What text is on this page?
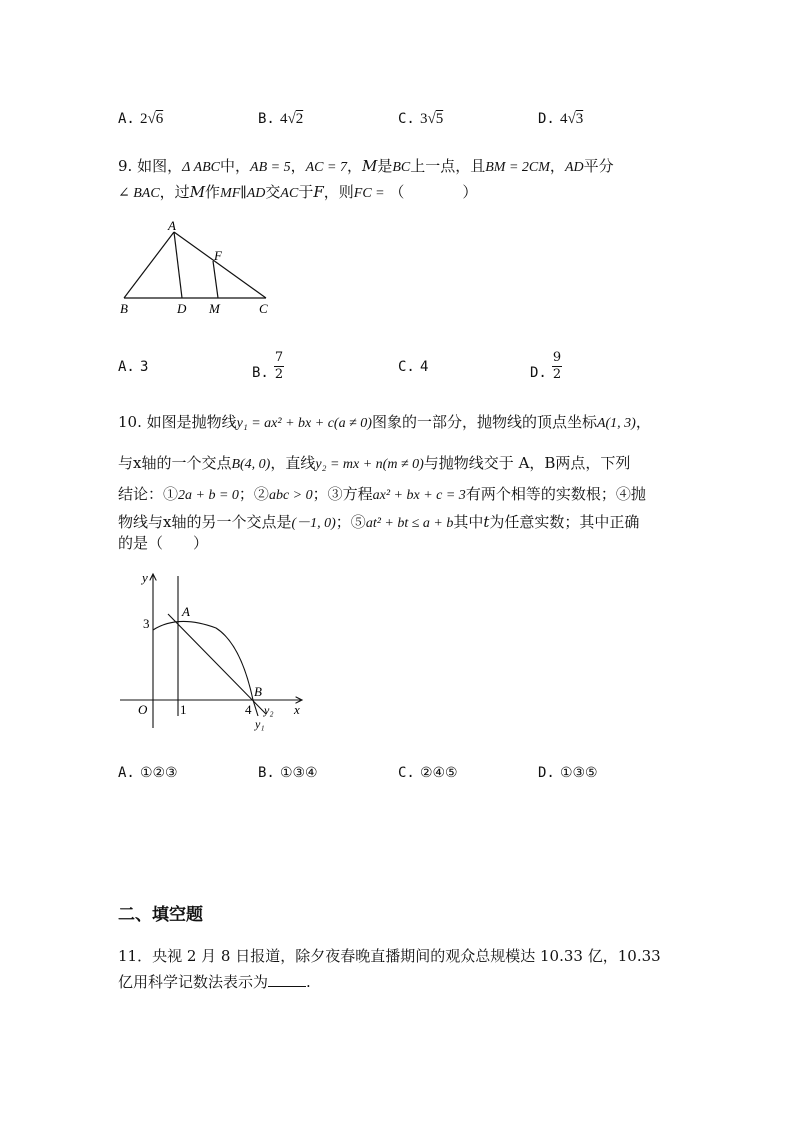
A. 2√6	B. 4√2	C. 3√5	D. 4√3
9. 如图，Δ ABC中，AB = 5，AC = 7，M是BC上一点，且BM = 2CM，AD平分
∠ BAC，过M作MF∥AD交AC于F，则FC = （	）
A
F
B	D M	C
A. 3	B. $\frac{7}{2}$	C. 4	D. $\frac{9}{2}$
10. 如图是抛物线y₁ = ax² + bx + c(a ≠ 0)图象的一部分，抛物线的顶点坐标A(1, 3)，
与x轴的一个交点B(4, 0)，直线y₂ = mx + n(m ≠ 0)与抛物线交于 A，B两点，下列
结论：①2a + b = 0；②abc > 0；③方程ax² + bx + c = 3有两个相等的实数根；④抛
物线与x轴的另一个交点是(－1, 0)；⑤at² + bt ≤ a + b其中t为任意实数；其中正确
的是（　　）
y
x
O
3
1	4
A
B
y₂
y₁
A. ①②③	B. ①③④	C. ②④⑤	D. ①③⑤
二、填空题
11．央视 2 月 8 日报道，除夕夜春晚直播期间的观众总规模达 10.33 亿，10.33
亿用科学记数法表示为	.
